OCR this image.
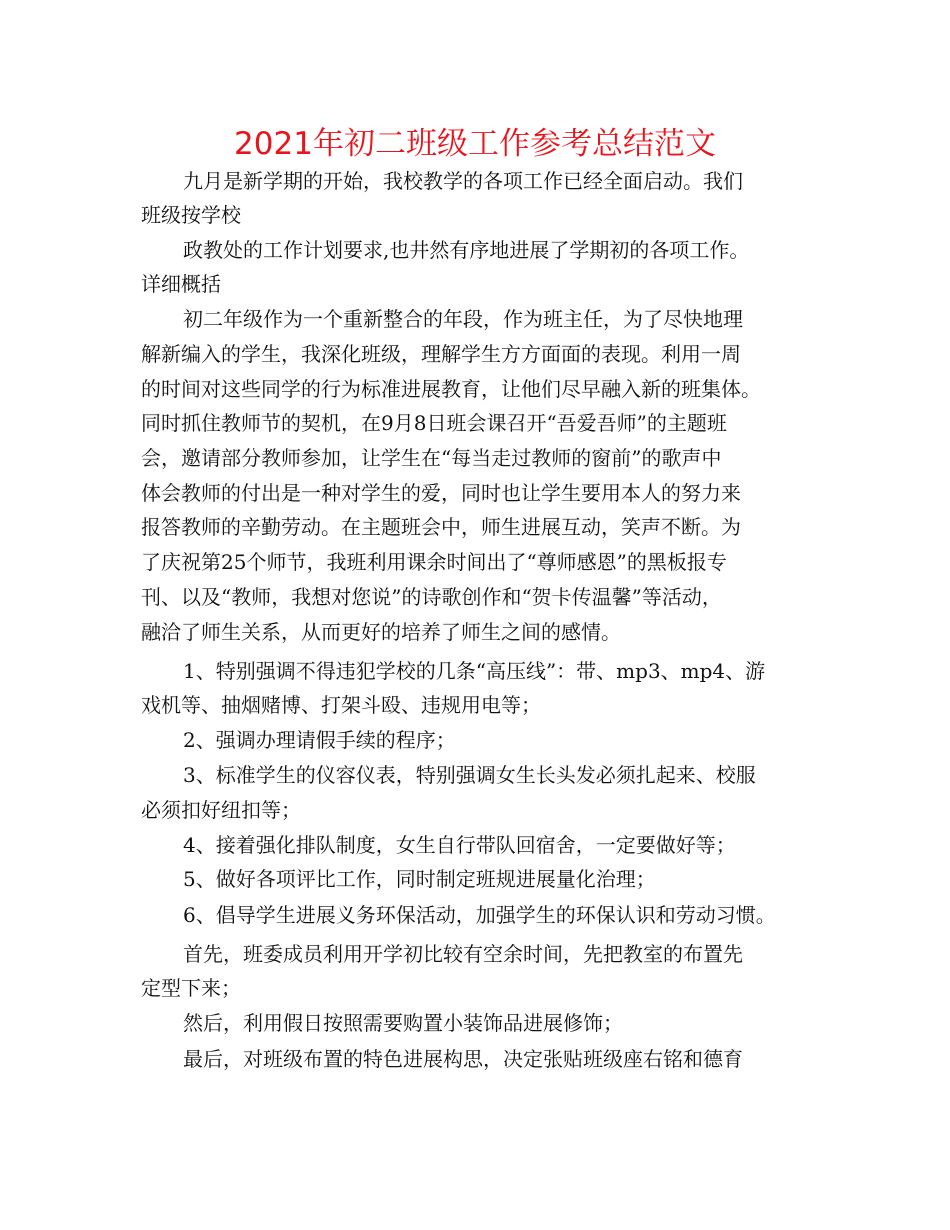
2021年初二班级工作参考总结范文
九月是新学期的开始，我校教学的各项工作已经全面启动。我们
班级按学校
政教处的工作计划要求,也井然有序地进展了学期初的各项工作。
详细概括
初二年级作为一个重新整合的年段，作为班主任，为了尽快地理
解新编入的学生，我深化班级，理解学生方方面面的表现。利用一周
的时间对这些同学的行为标准进展教育，让他们尽早融入新的班集体。
同时抓住教师节的契机，在9月8日班会课召开“吾爱吾师”的主题班
会，邀请部分教师参加，让学生在“每当走过教师的窗前”的歌声中
体会教师的付出是一种对学生的爱，同时也让学生要用本人的努力来
报答教师的辛勤劳动。在主题班会中，师生进展互动，笑声不断。为
了庆祝第25个师节，我班利用课余时间出了“尊师感恩”的黑板报专
刊、以及“教师，我想对您说”的诗歌创作和“贺卡传温馨”等活动，
融洽了师生关系，从而更好的培养了师生之间的感情。
1、特别强调不得违犯学校的几条“高压线”：带、mp3、mp4、游
戏机等、抽烟赌博、打架斗殴、违规用电等；
2、强调办理请假手续的程序；
3、标准学生的仪容仪表，特别强调女生长头发必须扎起来、校服
必须扣好纽扣等；
4、接着强化排队制度，女生自行带队回宿舍，一定要做好等；
5、做好各项评比工作，同时制定班规进展量化治理；
6、倡导学生进展义务环保活动，加强学生的环保认识和劳动习惯。
首先，班委成员利用开学初比较有空余时间，先把教室的布置先
定型下来；
然后，利用假日按照需要购置小装饰品进展修饰；
最后，对班级布置的特色进展构思，决定张贴班级座右铭和德育
